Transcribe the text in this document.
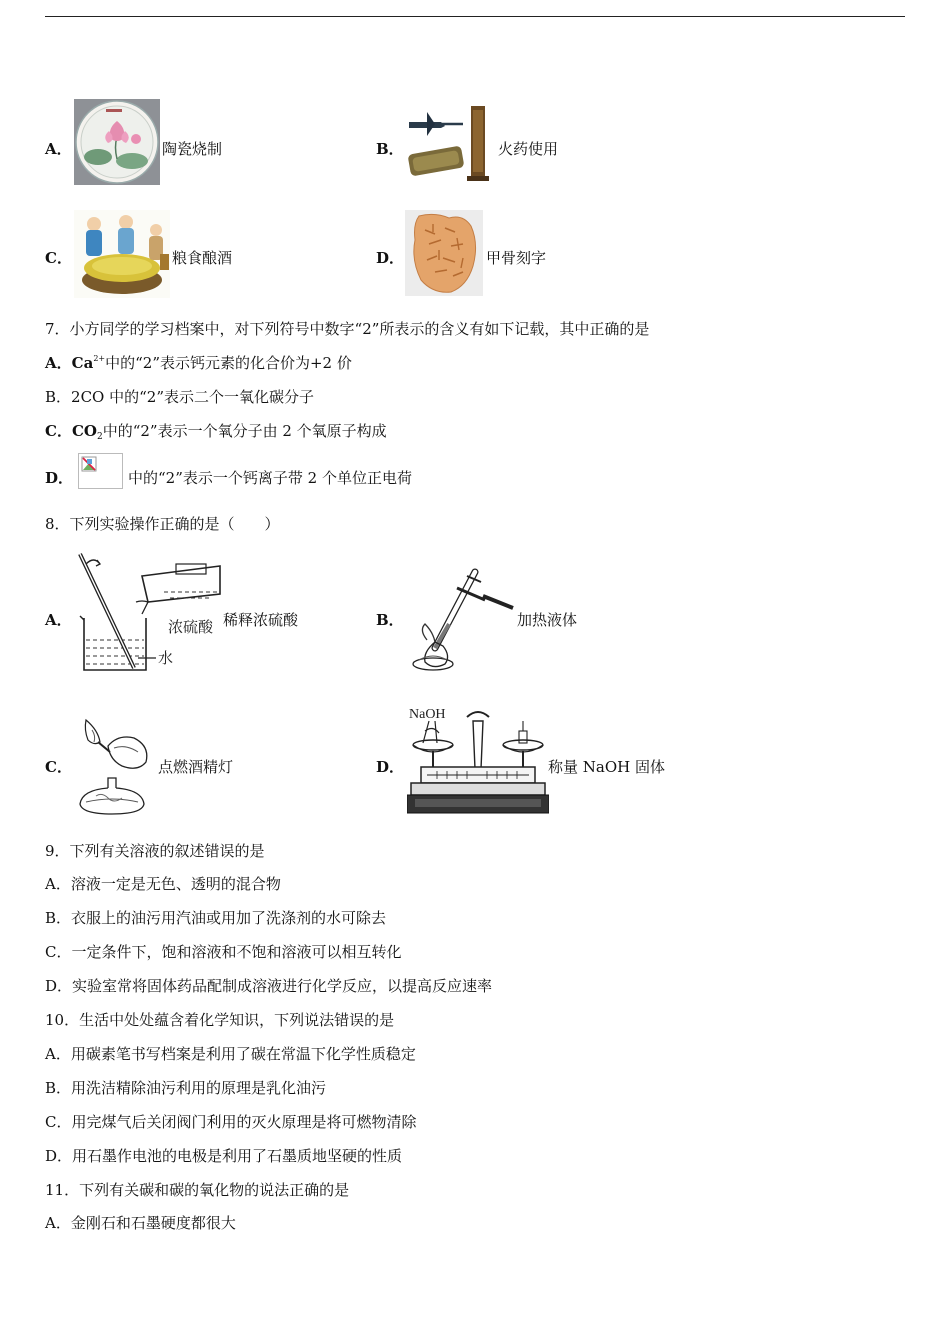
A．	陶瓷烧制	B．	火药使用
C．	粮食酿酒	D．	甲骨刻字
7．小方同学的学习档案中，对下列符号中数字“2”所表示的含义有如下记载，其中正确的是
A．$Ca^{2+}$中的“2”表示钙元素的化合价为+2 价
B．2CO 中的“2”表示二个一氧化碳分子
C．$CO_2$中的“2”表示一个氧分子由 2 个氧原子构成
D．	中的“2”表示一个钙离子带 2 个单位正电荷
8．下列实验操作正确的是（　　）
A．	浓硫酸
水
稀释浓硫酸	B．	加热液体
C．	点燃酒精灯	D．
NaOH
称量 NaOH 固体
9．下列有关溶液的叙述错误的是
A．溶液一定是无色、透明的混合物
B．衣服上的油污用汽油或用加了洗涤剂的水可除去
C．一定条件下，饱和溶液和不饱和溶液可以相互转化
D．实验室常将固体药品配制成溶液进行化学反应，以提高反应速率
10．生活中处处蕴含着化学知识，下列说法错误的是
A．用碳素笔书写档案是利用了碳在常温下化学性质稳定
B．用洗洁精除油污利用的原理是乳化油污
C．用完煤气后关闭阀门利用的灭火原理是将可燃物清除
D．用石墨作电池的电极是利用了石墨质地坚硬的性质
11．下列有关碳和碳的氧化物的说法正确的是
A．金刚石和石墨硬度都很大
